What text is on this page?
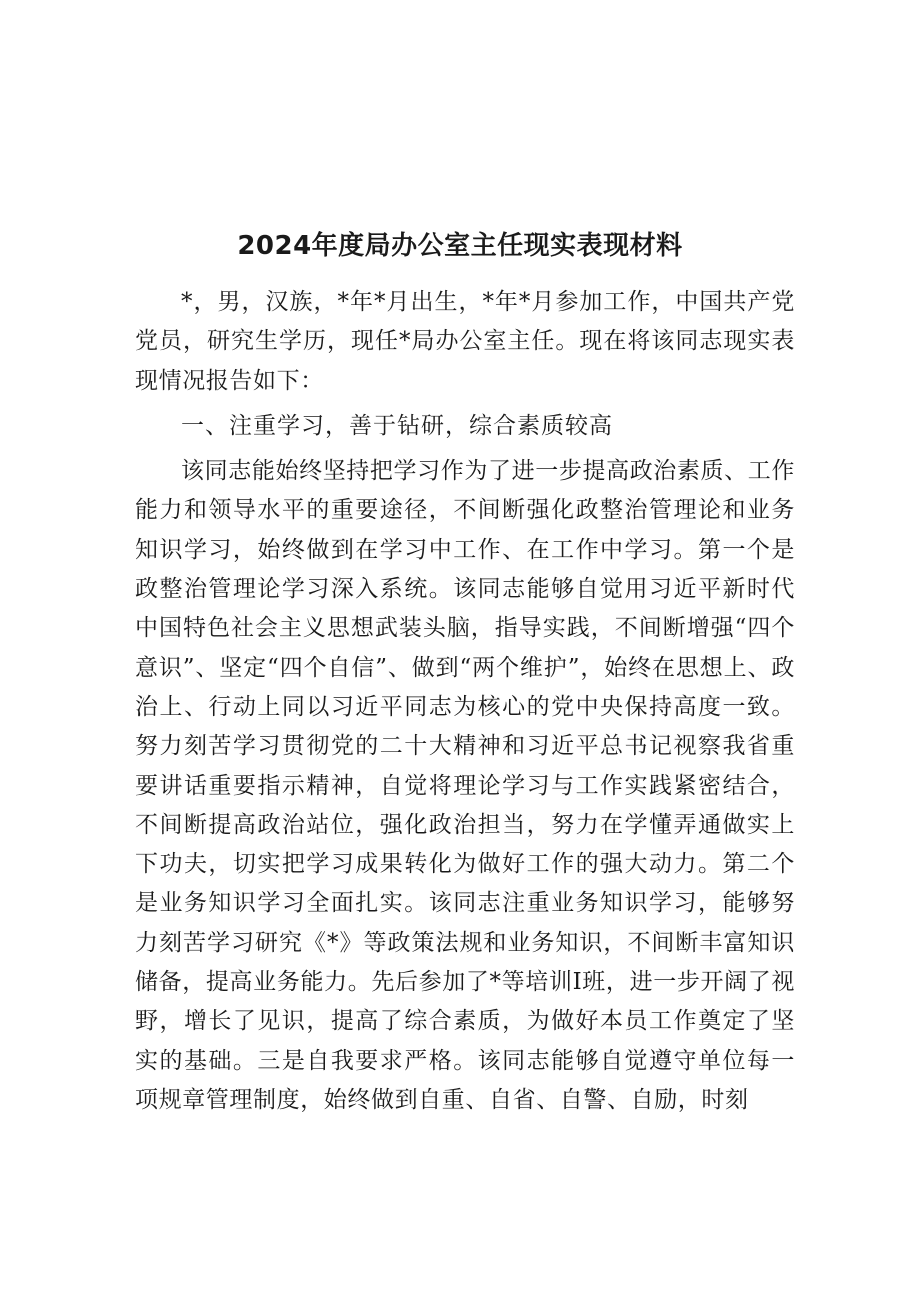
2024年度局办公室主任现实表现材料

*，男，汉族，*年*月出生，*年*月参加工作，中国共产党党员，研究生学历，现任*局办公室主任。现在将该同志现实表现情况报告如下：

一、注重学习，善于钻研，综合素质较高

该同志能始终坚持把学习作为了进一步提高政治素质、工作能力和领导水平的重要途径，不间断强化政整治管理论和业务知识学习，始终做到在学习中工作、在工作中学习。第一个是政整治管理论学习深入系统。该同志能够自觉用习近平新时代中国特色社会主义思想武装头脑，指导实践，不间断增强“四个意识”、坚定“四个自信”、做到“两个维护”，始终在思想上、政治上、行动上同以习近平同志为核心的党中央保持高度一致。努力刻苦学习贯彻党的二十大精神和习近平总书记视察我省重要讲话重要指示精神，自觉将理论学习与工作实践紧密结合，不间断提高政治站位，强化政治担当，努力在学懂弄通做实上下功夫，切实把学习成果转化为做好工作的强大动力。第二个是业务知识学习全面扎实。该同志注重业务知识学习，能够努力刻苦学习研究《*》等政策法规和业务知识，不间断丰富知识储备，提高业务能力。先后参加了*等培训I班，进一步开阔了视野，增长了见识，提高了综合素质，为做好本员工作奠定了坚实的基础。三是自我要求严格。该同志能够自觉遵守单位每一项规章管理制度，始终做到自重、自省、自警、自励，时刻
